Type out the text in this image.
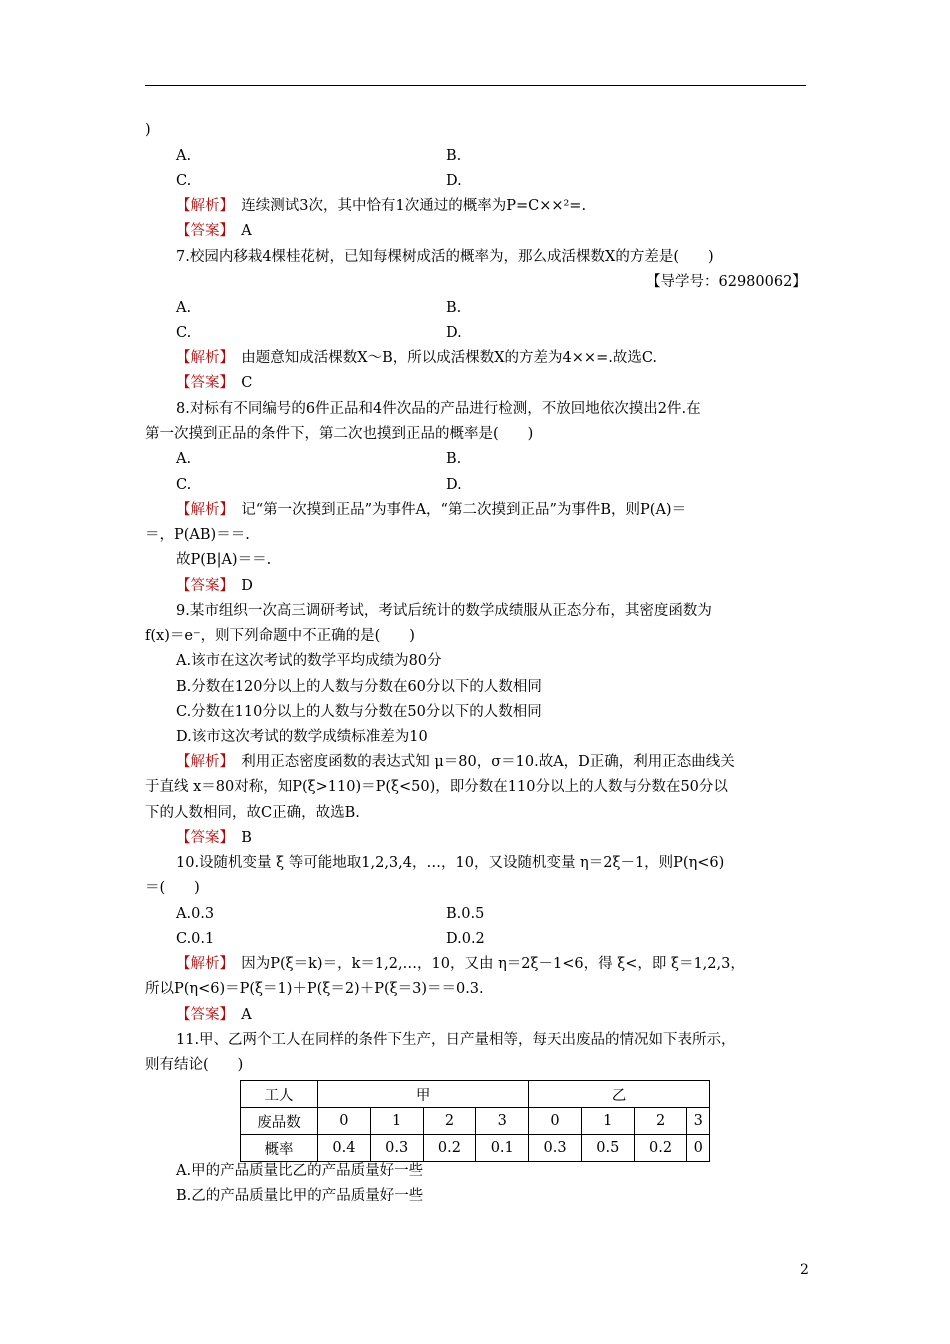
)
A.	B.
C.	D.
【解析】　 连续测试3次，其中恰有1次通过的概率为P=C××²=.
【答案】　 A
7.校园内移栽4棵桂花树，已知每棵树成活的概率为，那么成活棵数X的方差是(　　)
【导学号：62980062】
A.	B.
C.	D.
【解析】　 由题意知成活棵数X～B，所以成活棵数X的方差为4××=.故选C.
【答案】　 C
8.对标有不同编号的6件正品和4件次品的产品进行检测，不放回地依次摸出2件.在
第一次摸到正品的条件下，第二次也摸到正品的概率是(　　)
A.	B.
C.	D.
【解析】　 记“第一次摸到正品”为事件A，“第二次摸到正品”为事件B，则P(A)＝
＝，P(AB)＝＝.
故P(B|A)＝＝.
【答案】　 D
9.某市组织一次高三调研考试，考试后统计的数学成绩服从正态分布，其密度函数为
f(x)＝e⁻，则下列命题中不正确的是(　　)
A.该市在这次考试的数学平均成绩为80分
B.分数在120分以上的人数与分数在60分以下的人数相同
C.分数在110分以上的人数与分数在50分以下的人数相同
D.该市这次考试的数学成绩标准差为10
【解析】　 利用正态密度函数的表达式知 μ＝80，σ＝10.故A，D正确，利用正态曲线关
于直线 x＝80对称，知P(ξ>110)＝P(ξ<50)，即分数在110分以上的人数与分数在50分以
下的人数相同，故C正确，故选B.
【答案】　 B
10.设随机变量 ξ 等可能地取1,2,3,4，…，10，又设随机变量 η＝2ξ－1，则P(η<6)
＝(　　)
A.0.3	B.0.5
C.0.1	D.0.2
【解析】　 因为P(ξ＝k)＝，k＝1,2,…，10，又由 η＝2ξ－1<6，得 ξ<，即 ξ＝1,2,3，
所以P(η<6)＝P(ξ＝1)＋P(ξ＝2)＋P(ξ＝3)＝＝0.3.
【答案】　 A
11.甲、乙两个工人在同样的条件下生产，日产量相等，每天出废品的情况如下表所示，
则有结论(　　)
工人	甲				乙			
废品数	0	1	2	3	0	1	2	3
概率	0.4	0.3	0.2	0.1	0.3	0.5	0.2	0
A.甲的产品质量比乙的产品质量好一些
B.乙的产品质量比甲的产品质量好一些
2
